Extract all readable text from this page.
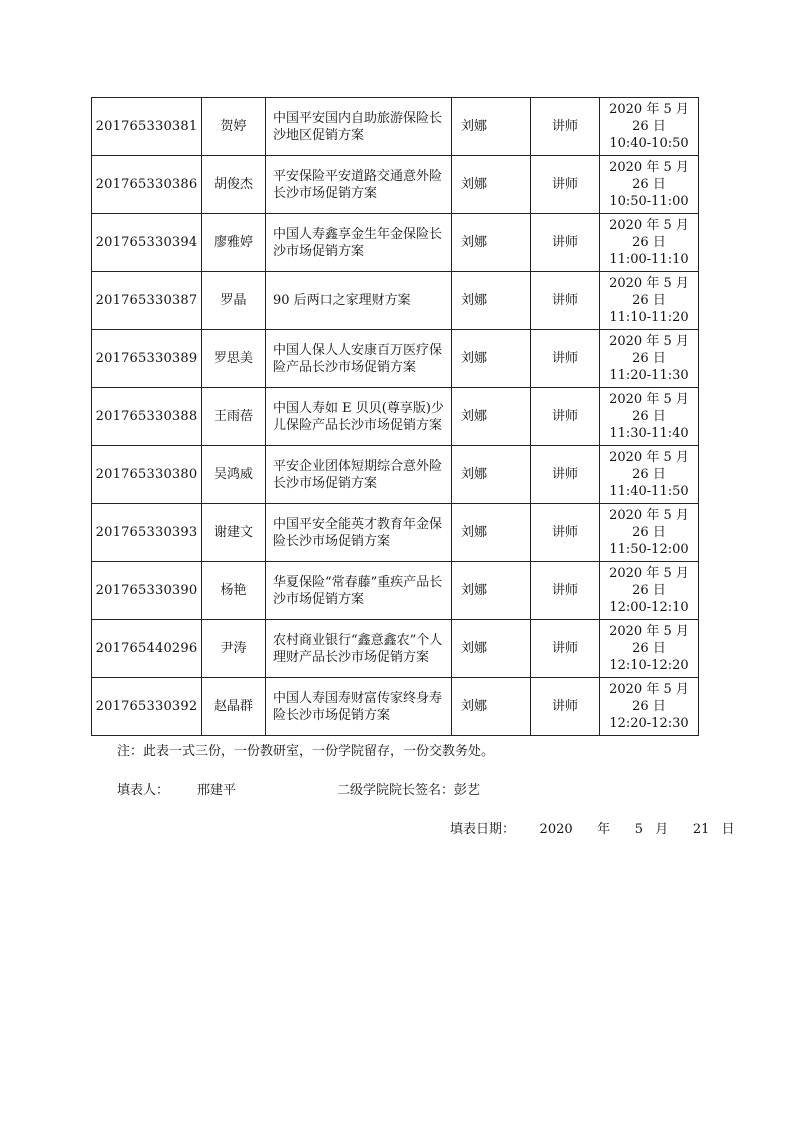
201765330381	贺婷	中国平安国内自助旅游保险长沙地区促销方案	刘娜	讲师	2020 年 5 月 26 日
10:40-10:50

201765330386	胡俊杰	平安保险平安道路交通意外险长沙市场促销方案	刘娜	讲师	2020 年 5 月 26 日
10:50-11:00

201765330394	廖雅婷	中国人寿鑫享金生年金保险长沙市场促销方案	刘娜	讲师	2020 年 5 月 26 日
11:00-11:10

201765330387	罗晶	90 后两口之家理财方案	刘娜	讲师	2020 年 5 月 26 日
11:10-11:20

201765330389	罗思美	中国人保人人安康百万医疗保险产品长沙市场促销方案	刘娜	讲师	2020 年 5 月 26 日
11:20-11:30

201765330388	王雨蓓	中国人寿如 E 贝贝(尊享版)少儿保险产品长沙市场促销方案	刘娜	讲师	2020 年 5 月 26 日
11:30-11:40

201765330380	吴鸿威	平安企业团体短期综合意外险长沙市场促销方案	刘娜	讲师	2020 年 5 月 26 日
11:40-11:50

201765330393	谢建文	中国平安全能英才教育年金保险长沙市场促销方案	刘娜	讲师	2020 年 5 月 26 日
11:50-12:00

201765330390	杨艳	华夏保险“常春藤”重疾产品长沙市场促销方案	刘娜	讲师	2020 年 5 月 26 日
12:00-12:10

201765440296	尹涛	农村商业银行“鑫意鑫农”个人理财产品长沙市场促销方案	刘娜	讲师	2020 年 5 月 26 日
12:10-12:20

201765330392	赵晶群	中国人寿国寿财富传家终身寿险长沙市场促销方案	刘娜	讲师	2020 年 5 月 26 日
12:20-12:30
注：此表一式三份，一份教研室，一份学院留存，一份交教务处。
填表人： 邢建平	二级学院院长签名：彭艺
填表日期： 2020 年 5 月 21 日
